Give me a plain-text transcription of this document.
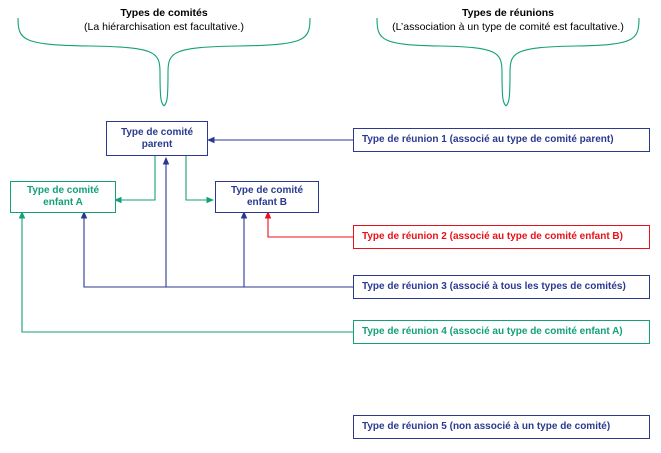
Types de comités
(La hiérarchisation est facultative.)
Types de réunions
(L’association à un type de comité est facultative.)
Type de comité parent
Type de comité enfant A
Type de comité enfant B
Type de réunion 1 (associé au type de comité parent)
Type de réunion 2 (associé au type de comité enfant B)
Type de réunion 3 (associé à tous les types de comités)
Type de réunion 4 (associé au type de comité enfant A)
Type de réunion 5 (non associé à un type de comité)
